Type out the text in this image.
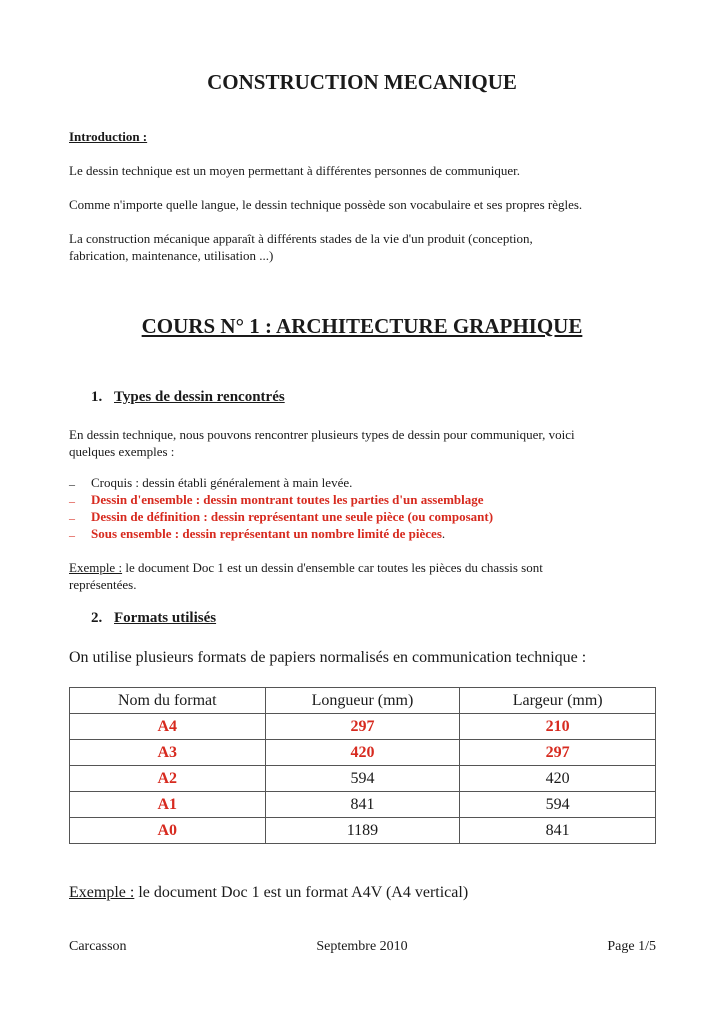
CONSTRUCTION MECANIQUE
Introduction :
Le dessin technique est un moyen permettant à différentes personnes de communiquer.
Comme n'importe quelle langue, le dessin technique possède son vocabulaire et ses propres règles.
La construction mécanique apparaît à différents stades de la vie d'un produit (conception,
fabrication, maintenance, utilisation ...)
COURS N° 1 : ARCHITECTURE GRAPHIQUE
1. Types de dessin rencontrés
En dessin technique, nous pouvons rencontrer plusieurs types de dessin pour communiquer, voici
quelques exemples :
– Croquis : dessin établi généralement à main levée.
– Dessin d'ensemble : dessin montrant toutes les parties d'un assemblage
– Dessin de définition : dessin représentant une seule pièce (ou composant)
– Sous ensemble : dessin représentant un nombre limité de pièces.
Exemple : le document Doc 1 est un dessin d'ensemble car toutes les pièces du chassis sont
représentées.
2. Formats utilisés
On utilise plusieurs formats de papiers normalisés en communication technique :
Nom du format	Longueur (mm)	Largeur (mm)
A4	297	210
A3	420	297
A2	594	420
A1	841	594
A0	1189	841
Exemple : le document Doc 1 est un format A4V (A4 vertical)
Carcasson	Septembre 2010	Page 1/5
